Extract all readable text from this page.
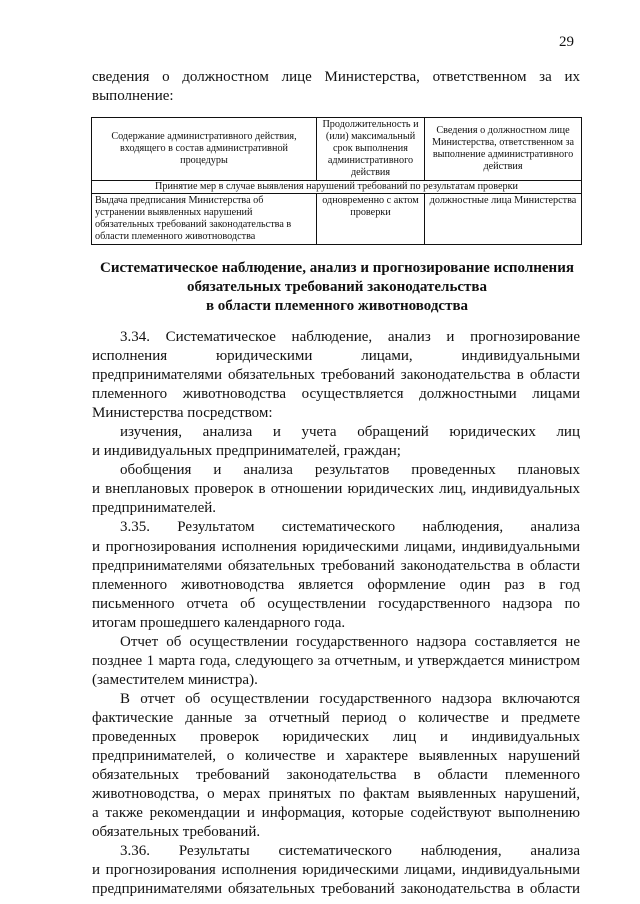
29
сведения о должностном лице Министерства, ответственном за их
выполнение:
Содержание административного действия, входящего в состав административной процедуры	Продолжительность и (или) максимальный срок выполнения административного действия	Сведения о должностном лице Министерства, ответственном за выполнение административного действия
Принятие мер в случае выявления нарушений требований по результатам проверки		
Выдача предписания Министерства об устранении выявленных нарушений обязательных требований законодательства в области племенного животноводства	одновременно с актом проверки	должностные лица Министерства
Систематическое наблюдение, анализ и прогнозирование исполнения
обязательных требований законодательства
в области племенного животноводства

3.34. Систематическое наблюдение, анализ и прогнозирование

исполнения юридическими лицами, индивидуальными

предпринимателями обязательных требований законодательства в области

племенного животноводства осуществляется должностными лицами

Министерства посредством:

изучения, анализа и учета обращений юридических лиц

и индивидуальных предпринимателей, граждан;

обобщения и анализа результатов проведенных плановых

и внеплановых проверок в отношении юридических лиц, индивидуальных

предпринимателей.

3.35. Результатом систематического наблюдения, анализа

и прогнозирования исполнения юридическими лицами, индивидуальными

предпринимателями обязательных требований законодательства в области

племенного животноводства является оформление один раз в год

письменного отчета об осуществлении государственного надзора по

итогам прошедшего календарного года.

Отчет об осуществлении государственного надзора составляется не

позднее 1 марта года, следующего за отчетным, и утверждается министром

(заместителем министра).

В отчет об осуществлении государственного надзора включаются

фактические данные за отчетный период о количестве и предмете

проведенных проверок юридических лиц и индивидуальных

предпринимателей, о количестве и характере выявленных нарушений

обязательных требований законодательства в области племенного

животноводства, о мерах принятых по фактам выявленных нарушений,

а также рекомендации и информация, которые содействуют выполнению

обязательных требований.

3.36. Результаты систематического наблюдения, анализа

и прогнозирования исполнения юридическими лицами, индивидуальными

предпринимателями обязательных требований законодательства в области
